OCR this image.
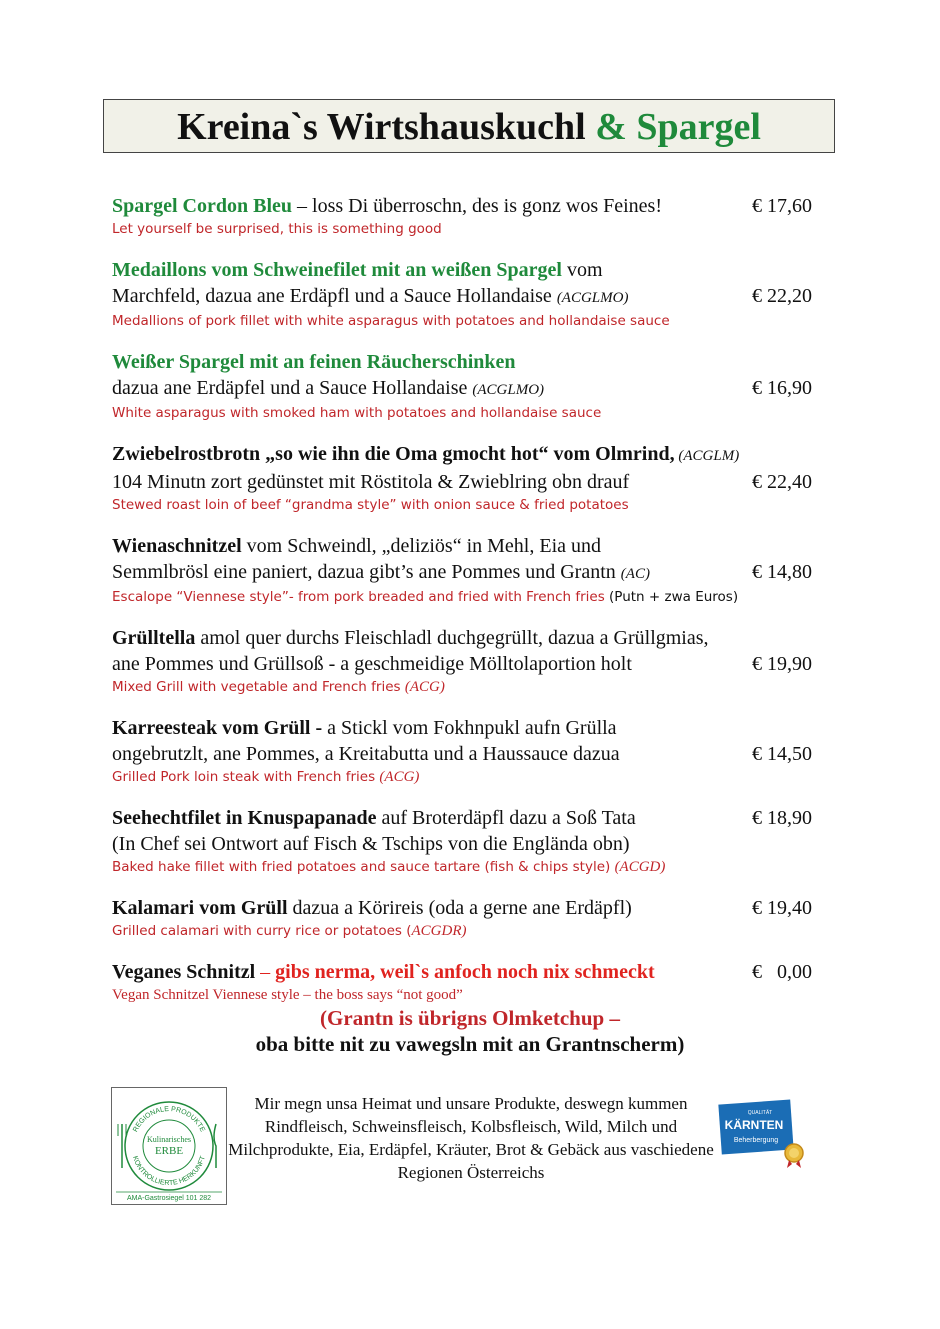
Kreina`s Wirtshauskuchl & Spargel
Spargel Cordon Bleu – loss Di überroschn, des is gonz wos Feines!	€ 17,60
Let yourself be surprised, this is something good
Medaillons vom Schweinefilet mit an weißen Spargel vom
Marchfeld, dazua ane Erdäpfl und a Sauce Hollandaise (ACGLMO)	€ 22,20
Medallions of pork fillet with white asparagus with potatoes and hollandaise sauce
Weißer Spargel mit an feinen Räucherschinken
dazua ane Erdäpfel und a Sauce Hollandaise (ACGLMO)	€ 16,90
White asparagus with smoked ham with potatoes and hollandaise sauce
Zwiebelrostbrotn „so wie ihn die Oma gmocht hot“ vom Olmrind, (ACGLM)
104 Minutn zort gedünstet mit Röstitola & Zwieblring obn drauf	€ 22,40
Stewed roast loin of beef “grandma style” with onion sauce & fried potatoes
Wienaschnitzel vom Schweindl, „deliziös“ in Mehl, Eia und
Semmlbrösl eine paniert, dazua gibt’s ane Pommes und Grantn (AC)	€ 14,80
Escalope “Viennese style”- from pork breaded and fried with French fries (Putn + zwa Euros)
Grülltella amol quer durchs Fleischladl duchgegrüllt, dazua a Grüllgmias,
ane Pommes und Grüllsoß - a geschmeidige Mölltolaportion holt	€ 19,90
Mixed Grill with vegetable and French fries (ACG)
Karreesteak vom Grüll - a Stickl vom Fokhnpukl aufn Grülla
ongebrutzlt, ane Pommes, a Kreitabutta und a Haussauce dazua	€ 14,50
Grilled Pork loin steak with French fries (ACG)
Seehechtfilet in Knuspapanade auf Broterdäpfl dazu a Soß Tata	€ 18,90
(In Chef sei Ontwort auf Fisch & Tschips von die Englända obn)
Baked hake fillet with fried potatoes and sauce tartare (fish & chips style) (ACGD)
Kalamari vom Grüll dazua a Körireis (oda a gerne ane Erdäpfl)	€ 19,40
Grilled calamari with curry rice or potatoes (ACGDR)
Veganes Schnitzl – gibs nerma, weil`s anfoch noch nix schmeckt	€   0,00
Vegan Schnitzel Viennese style – the boss says “not good”
(Grantn is übrigns Olmketchup –
oba bitte nit zu vawegsln mit an Grantnscherm)
REGIONALE PRODUKTE
KONTROLLIERTE HERKUNFT
Kulinarisches
ERBE
AMA-Gastrosiegel 101 282
Mir megn unsa Heimat und unsare Produkte, deswegn kummen Rindfleisch, Schweinsfleisch, Kolbsfleisch, Wild, Milch und Milchprodukte, Eia, Erdäpfel, Kräuter, Brot & Gebäck aus vaschiedene Regionen Österreichs
QUALITÄT
KÄRNTEN
Beherbergung
